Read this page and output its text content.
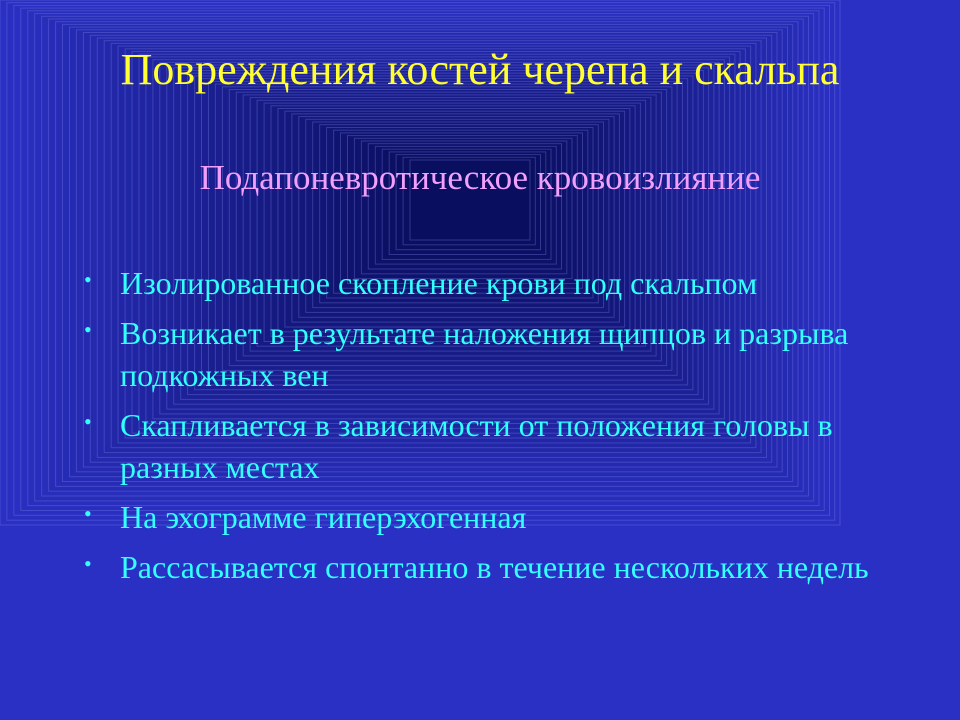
Повреждения костей черепа и скальпа
Подапоневротическое кровоизлияние
• Изолированное скопление крови под скальпом
• Возникает в результате наложения щипцов и разрыва подкожных вен
• Скапливается в зависимости от положения головы в разных местах
• На эхограмме гиперэхогенная
• Рассасывается спонтанно в течение нескольких недель
